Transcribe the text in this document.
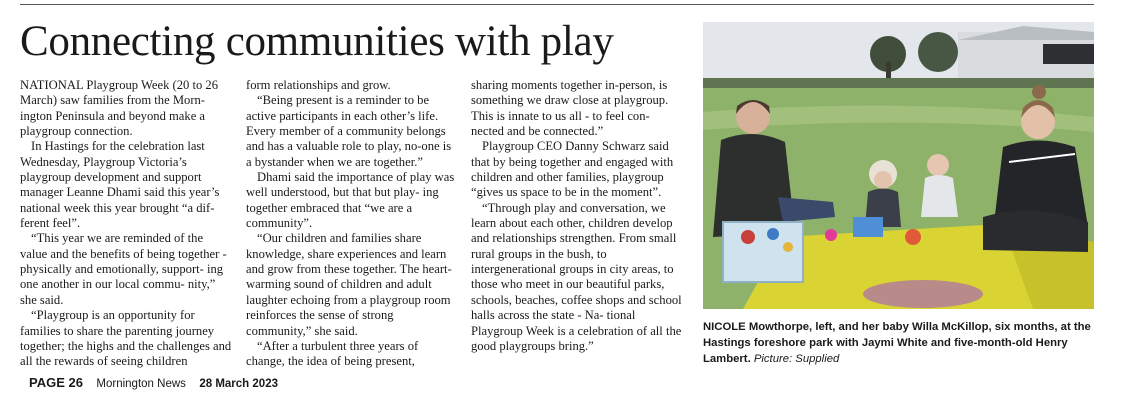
Connecting communities with play

NATIONAL Playgroup Week (20 to 26 March) saw families from the Morn- ington Peninsula and beyond make a playgroup connection.

In Hastings for the celebration last Wednesday, Playgroup Victoria’s playgroup development and support manager Leanne Dhami said this year’s national week this year brought “a dif- ferent feel”.

“This year we are reminded of the value and the benefits of being together - physically and emotionally, support- ing one another in our local commu- nity,” she said.

“Playgroup is an opportunity for families to share the parenting journey together; the highs and the challenges and all the rewards of seeing children

form relationships and grow.

“Being present is a reminder to be active participants in each other’s life. Every member of a community belongs and has a valuable role to play, no-one is a bystander when we are together.”

Dhami said the importance of play was well understood, but that but play- ing together embraced that “we are a community”.

“Our children and families share knowledge, share experiences and learn and grow from these together. The heart-warming sound of children and adult laughter echoing from a playgroup room reinforces the sense of strong community,” she said.

“After a turbulent three years of change, the idea of being present,

sharing moments together in-person, is something we draw close at playgroup. This is innate to us all - to feel con- nected and be connected.”

Playgroup CEO Danny Schwarz said that by being together and engaged with children and other families, playgroup “gives us space to be in the moment”.

“Through play and conversation, we learn about each other, children develop and relationships strengthen. From small rural groups in the bush, to intergenerational groups in city areas, to those who meet in our beautiful parks, schools, beaches, coffee shops and school halls across the state - Na- tional Playgroup Week is a celebration of all the good playgroups bring.”

NICOLE Mowthorpe, left, and her baby Willa McKillop, six months, at the Hastings foreshore park with Jaymi White and five-month-old Henry Lambert. Picture: Supplied
PAGE 26 Mornington News 28 March 2023
